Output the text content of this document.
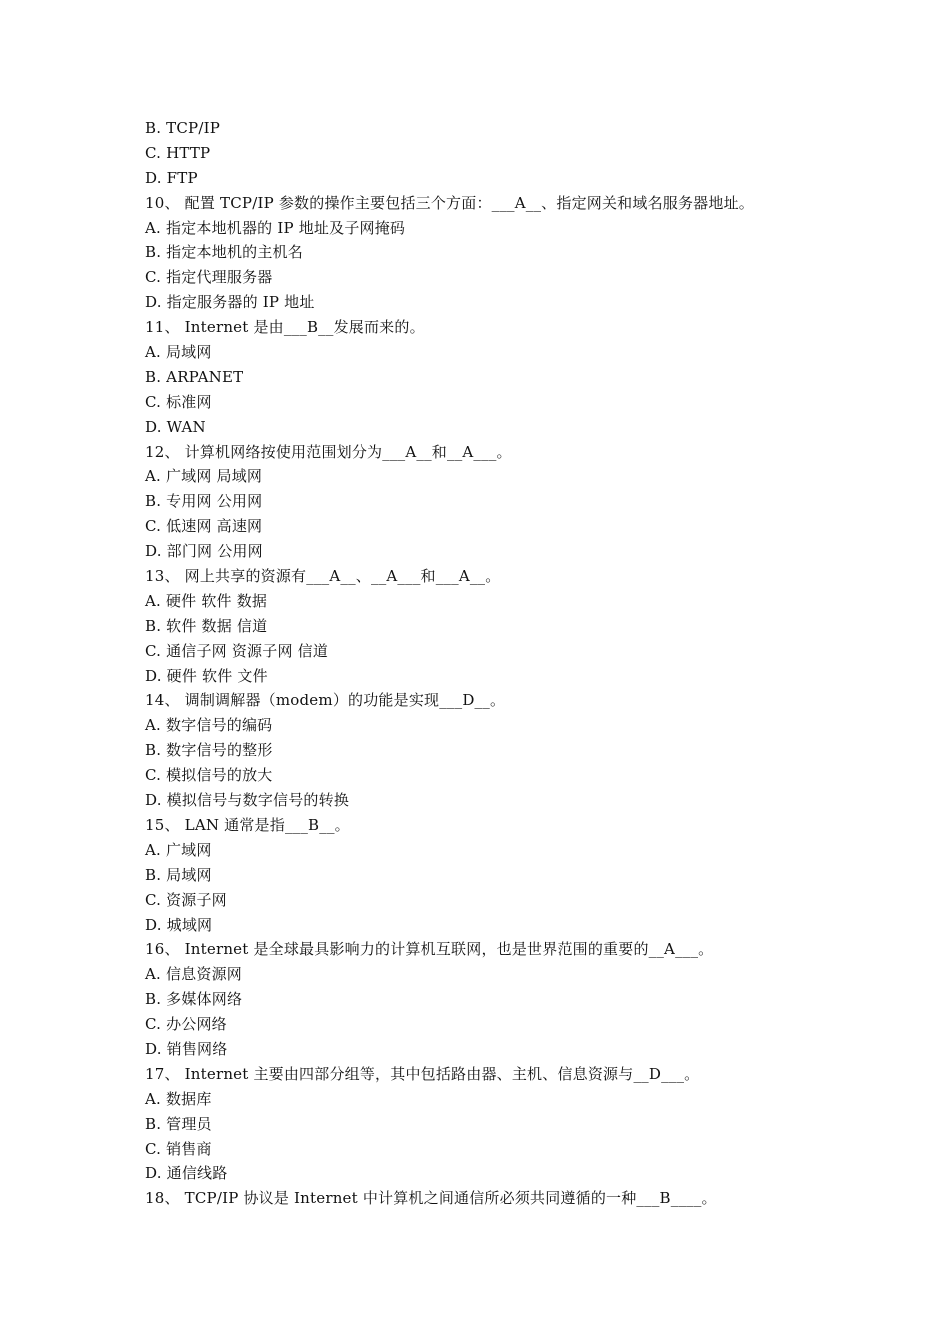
B. TCP/IP
C. HTTP
D. FTP
10、 配置 TCP/IP 参数的操作主要包括三个方面：___A__、指定网关和域名服务器地址。
A. 指定本地机器的 IP 地址及子网掩码
B. 指定本地机的主机名
C. 指定代理服务器
D. 指定服务器的 IP 地址
11、 Internet 是由___B__发展而来的。
A. 局域网
B. ARPANET
C. 标准网
D. WAN
12、 计算机网络按使用范围划分为___A__和__A___。
A. 广域网 局域网
B. 专用网 公用网
C. 低速网 高速网
D. 部门网 公用网
13、 网上共享的资源有___A__、__A___和___A__。
A. 硬件 软件 数据
B. 软件 数据 信道
C. 通信子网 资源子网 信道
D. 硬件 软件 文件
14、 调制调解器（modem）的功能是实现___D__。
A. 数字信号的编码
B. 数字信号的整形
C. 模拟信号的放大
D. 模拟信号与数字信号的转换
15、 LAN 通常是指___B__。
A. 广域网
B. 局域网
C. 资源子网
D. 城域网
16、 Internet 是全球最具影响力的计算机互联网，也是世界范围的重要的__A___。
A. 信息资源网
B. 多媒体网络
C. 办公网络
D. 销售网络
17、 Internet 主要由四部分组等，其中包括路由器、主机、信息资源与__D___。
A. 数据库
B. 管理员
C. 销售商
D. 通信线路
18、 TCP/IP 协议是 Internet 中计算机之间通信所必须共同遵循的一种___B____。
